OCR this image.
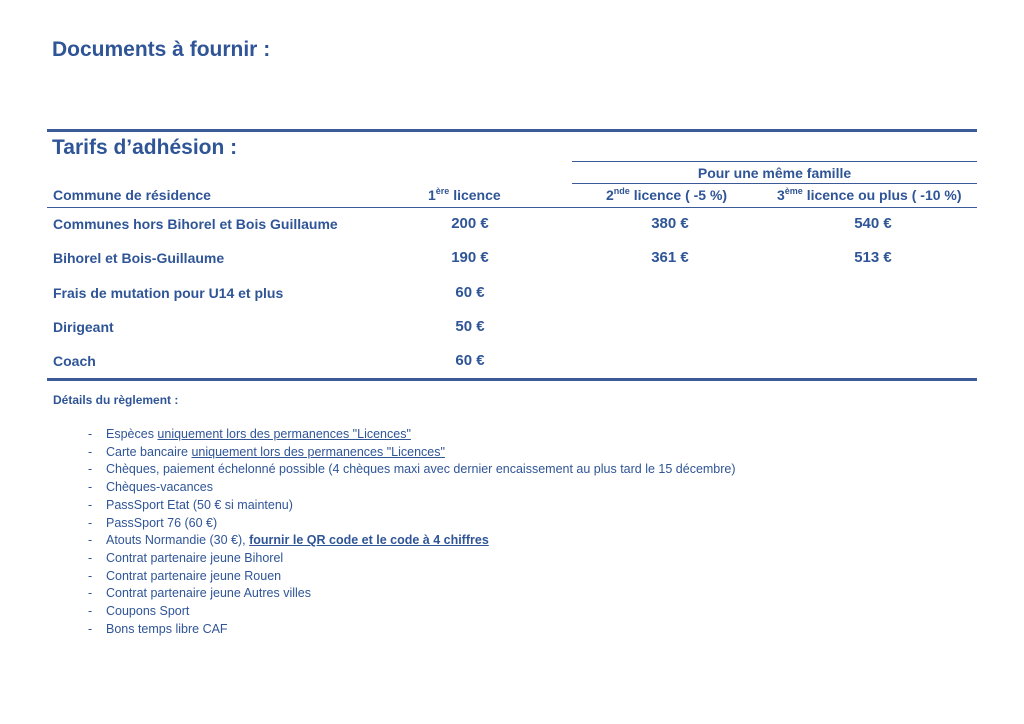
Documents à fournir :
Tarifs d’adhésion :
Pour une même famille
Commune de résidence	1ère licence	2nde licence ( -5 %)	3ème licence ou plus ( -10 %)
Communes hors Bihorel et Bois Guillaume	200 €	380 €	540 €
Bihorel et Bois-Guillaume	190 €	361 €	513 €
Frais de mutation pour U14 et plus	60 €
Dirigeant	50 €
Coach	60 €
Détails du règlement :
- Espèces uniquement lors des permanences "Licences"
- Carte bancaire uniquement lors des permanences "Licences"
- Chèques, paiement échelonné possible (4 chèques maxi avec dernier encaissement au plus tard le 15 décembre)
- Chèques-vacances
- PassSport Etat (50 € si maintenu)
- PassSport 76 (60 €)
- Atouts Normandie (30 €), fournir le QR code et le code à 4 chiffres
- Contrat partenaire jeune Bihorel
- Contrat partenaire jeune Rouen
- Contrat partenaire jeune Autres villes
- Coupons Sport
- Bons temps libre CAF
